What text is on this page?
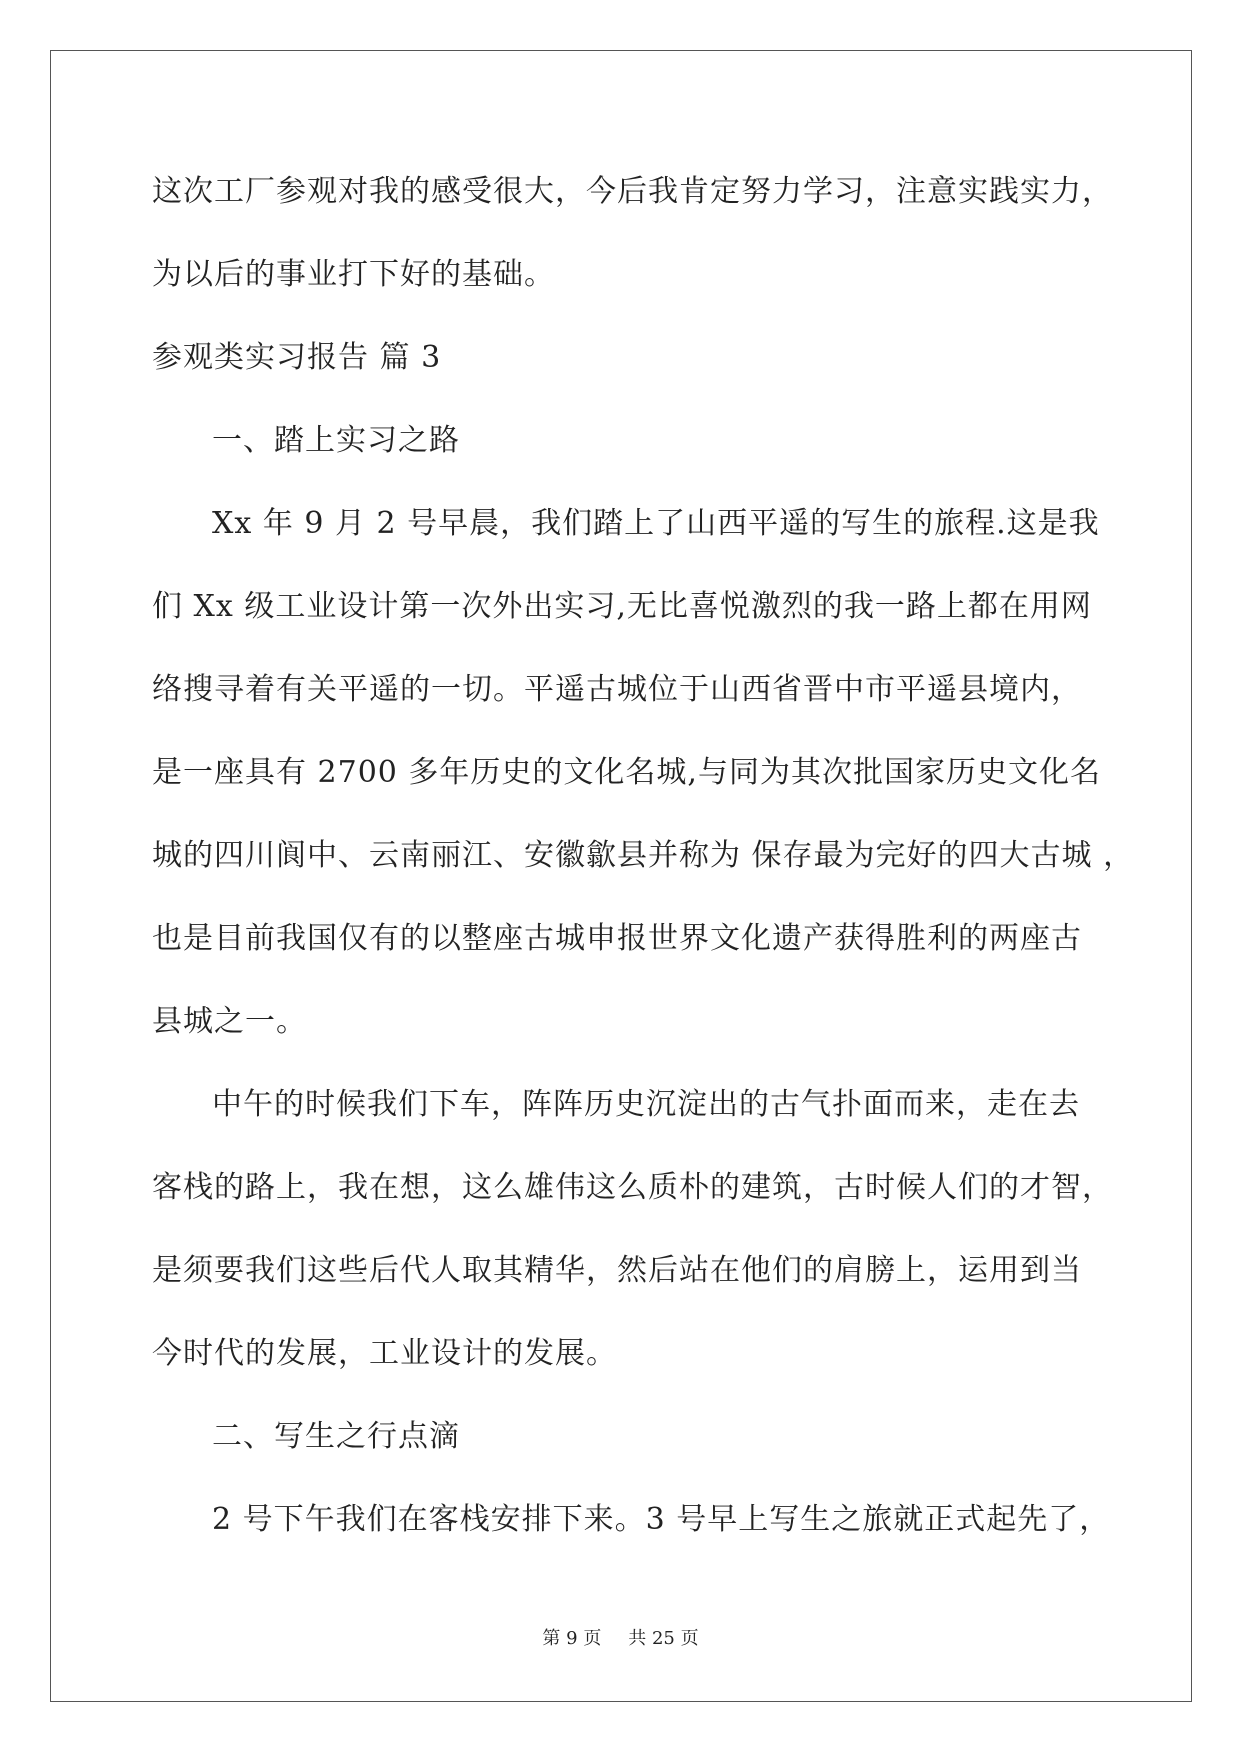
这次工厂参观对我的感受很大，今后我肯定努力学习，注意实践实力，
为以后的事业打下好的基础。
参观类实习报告 篇 3
一、踏上实习之路
Xx 年 9 月 2 号早晨，我们踏上了山西平遥的写生的旅程.这是我
们 Xx 级工业设计第一次外出实习,无比喜悦激烈的我一路上都在用网
络搜寻着有关平遥的一切。平遥古城位于山西省晋中市平遥县境内，
是一座具有 2700 多年历史的文化名城,与同为其次批国家历史文化名
城的四川阆中、云南丽江、安徽歙县并称为 保存最为完好的四大古城 ，
也是目前我国仅有的以整座古城申报世界文化遗产获得胜利的两座古
县城之一。
中午的时候我们下车，阵阵历史沉淀出的古气扑面而来，走在去
客栈的路上，我在想，这么雄伟这么质朴的建筑，古时候人们的才智，
是须要我们这些后代人取其精华，然后站在他们的肩膀上，运用到当
今时代的发展，工业设计的发展。
二、写生之行点滴
2 号下午我们在客栈安排下来。3 号早上写生之旅就正式起先了，
第 9 页 共 25 页
